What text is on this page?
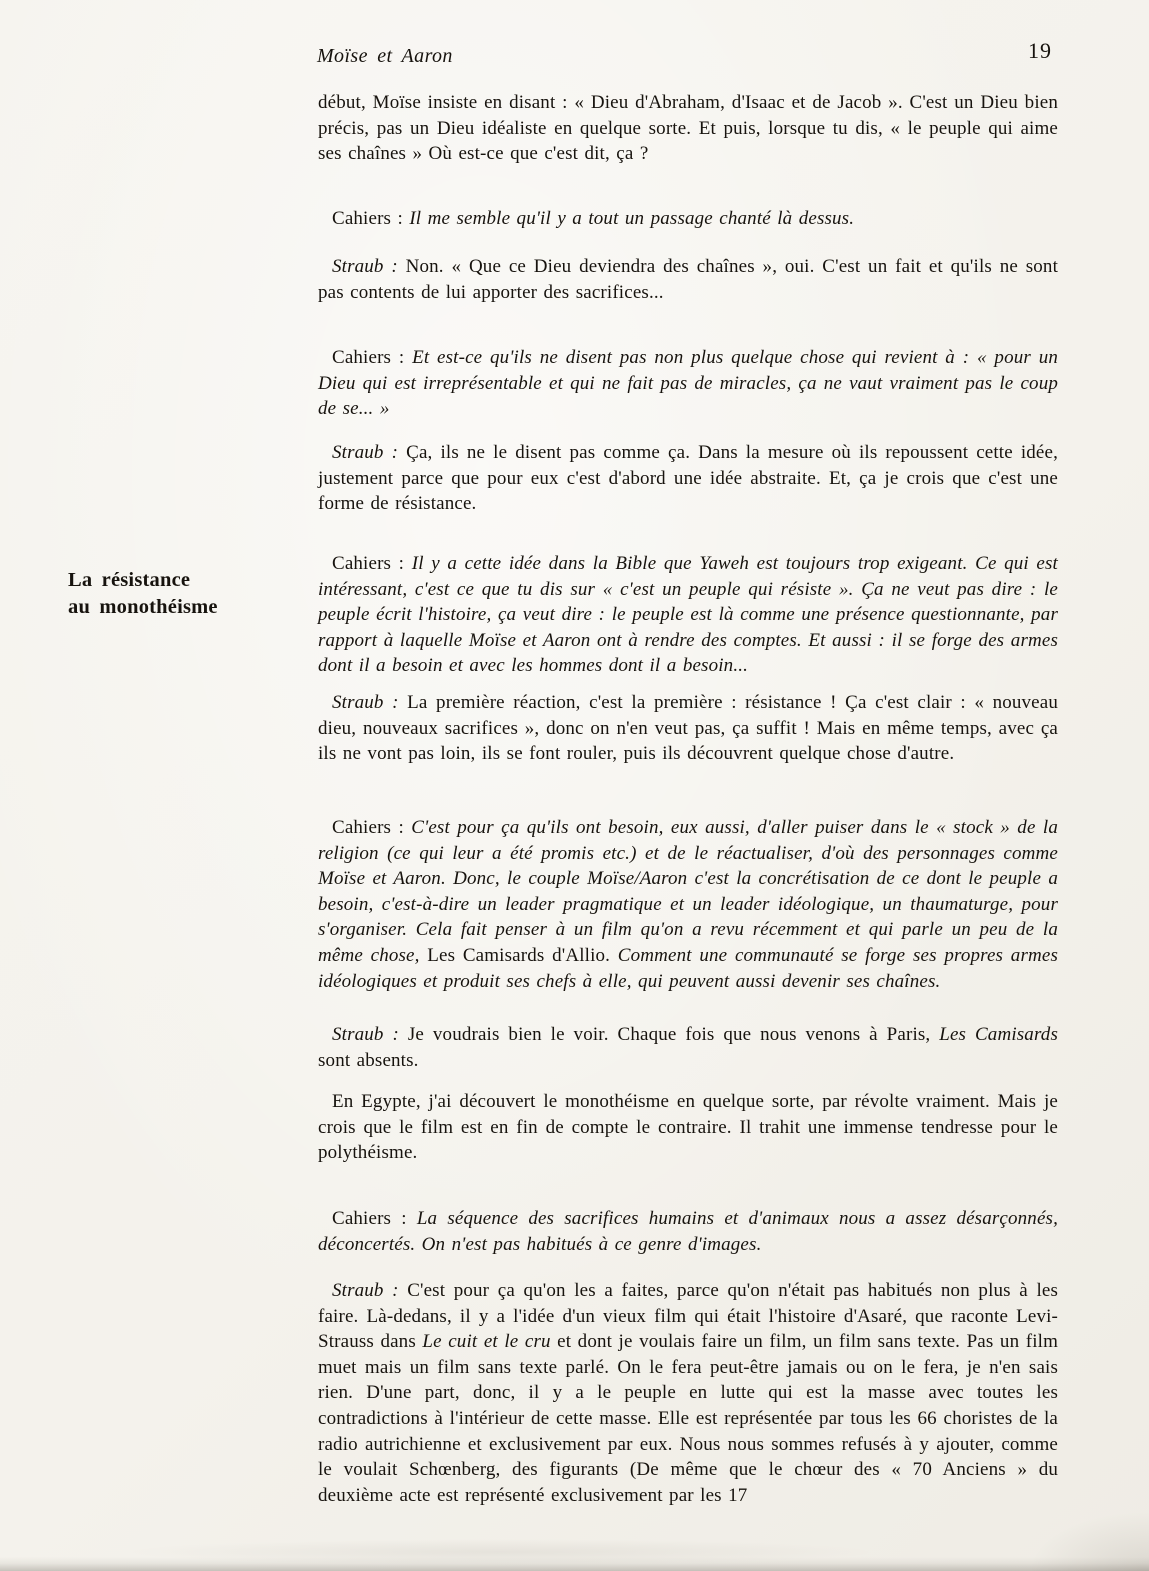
Moïse et Aaron	19
La résistance
au monothéisme

début, Moïse insiste en disant : « Dieu d'Abraham, d'Isaac et de Jacob ». C'est un Dieu bien précis, pas un Dieu idéaliste en quelque sorte. Et puis, lorsque tu dis, « le peuple qui aime ses chaînes » Où est-ce que c'est dit, ça ?

Cahiers : Il me semble qu'il y a tout un passage chanté là dessus.

Straub : Non. « Que ce Dieu deviendra des chaînes », oui. C'est un fait et qu'ils ne sont pas contents de lui apporter des sacrifices...

Cahiers : Et est-ce qu'ils ne disent pas non plus quelque chose qui revient à : « pour un Dieu qui est irreprésentable et qui ne fait pas de miracles, ça ne vaut vraiment pas le coup de se... »

Straub : Ça, ils ne le disent pas comme ça. Dans la mesure où ils repoussent cette idée, justement parce que pour eux c'est d'abord une idée abstraite. Et, ça je crois que c'est une forme de résistance.

Cahiers : Il y a cette idée dans la Bible que Yaweh est toujours trop exigeant. Ce qui est intéressant, c'est ce que tu dis sur « c'est un peuple qui résiste ». Ça ne veut pas dire : le peuple écrit l'histoire, ça veut dire : le peuple est là comme une présence questionnante, par rapport à laquelle Moïse et Aaron ont à rendre des comptes. Et aussi : il se forge des armes dont il a besoin et avec les hommes dont il a besoin...

Straub : La première réaction, c'est la première : résistance ! Ça c'est clair : « nouveau dieu, nouveaux sacrifices », donc on n'en veut pas, ça suffit ! Mais en même temps, avec ça ils ne vont pas loin, ils se font rouler, puis ils découvrent quelque chose d'autre.

Cahiers : C'est pour ça qu'ils ont besoin, eux aussi, d'aller puiser dans le « stock » de la religion (ce qui leur a été promis etc.) et de le réactualiser, d'où des personnages comme Moïse et Aaron. Donc, le couple Moïse/Aaron c'est la concrétisation de ce dont le peuple a besoin, c'est-à-dire un leader pragmatique et un leader idéologique, un thaumaturge, pour s'organiser. Cela fait penser à un film qu'on a revu récemment et qui parle un peu de la même chose, Les Camisards d'Allio. Comment une communauté se forge ses propres armes idéologiques et produit ses chefs à elle, qui peuvent aussi devenir ses chaînes.

Straub : Je voudrais bien le voir. Chaque fois que nous venons à Paris, Les Camisards sont absents.

En Egypte, j'ai découvert le monothéisme en quelque sorte, par révolte vraiment. Mais je crois que le film est en fin de compte le contraire. Il trahit une immense tendresse pour le polythéisme.

Cahiers : La séquence des sacrifices humains et d'animaux nous a assez désarçonnés, déconcertés. On n'est pas habitués à ce genre d'images.

Straub : C'est pour ça qu'on les a faites, parce qu'on n'était pas habitués non plus à les faire. Là-dedans, il y a l'idée d'un vieux film qui était l'histoire d'Asaré, que raconte Levi-Strauss dans Le cuit et le cru et dont je voulais faire un film, un film sans texte. Pas un film muet mais un film sans texte parlé. On le fera peut-être jamais ou on le fera, je n'en sais rien. D'une part, donc, il y a le peuple en lutte qui est la masse avec toutes les contradictions à l'intérieur de cette masse. Elle est représentée par tous les 66 choristes de la radio autrichienne et exclusivement par eux. Nous nous sommes refusés à y ajouter, comme le voulait Schœnberg, des figurants (De même que le chœur des « 70 Anciens » du deuxième acte est représenté exclusivement par les 17
